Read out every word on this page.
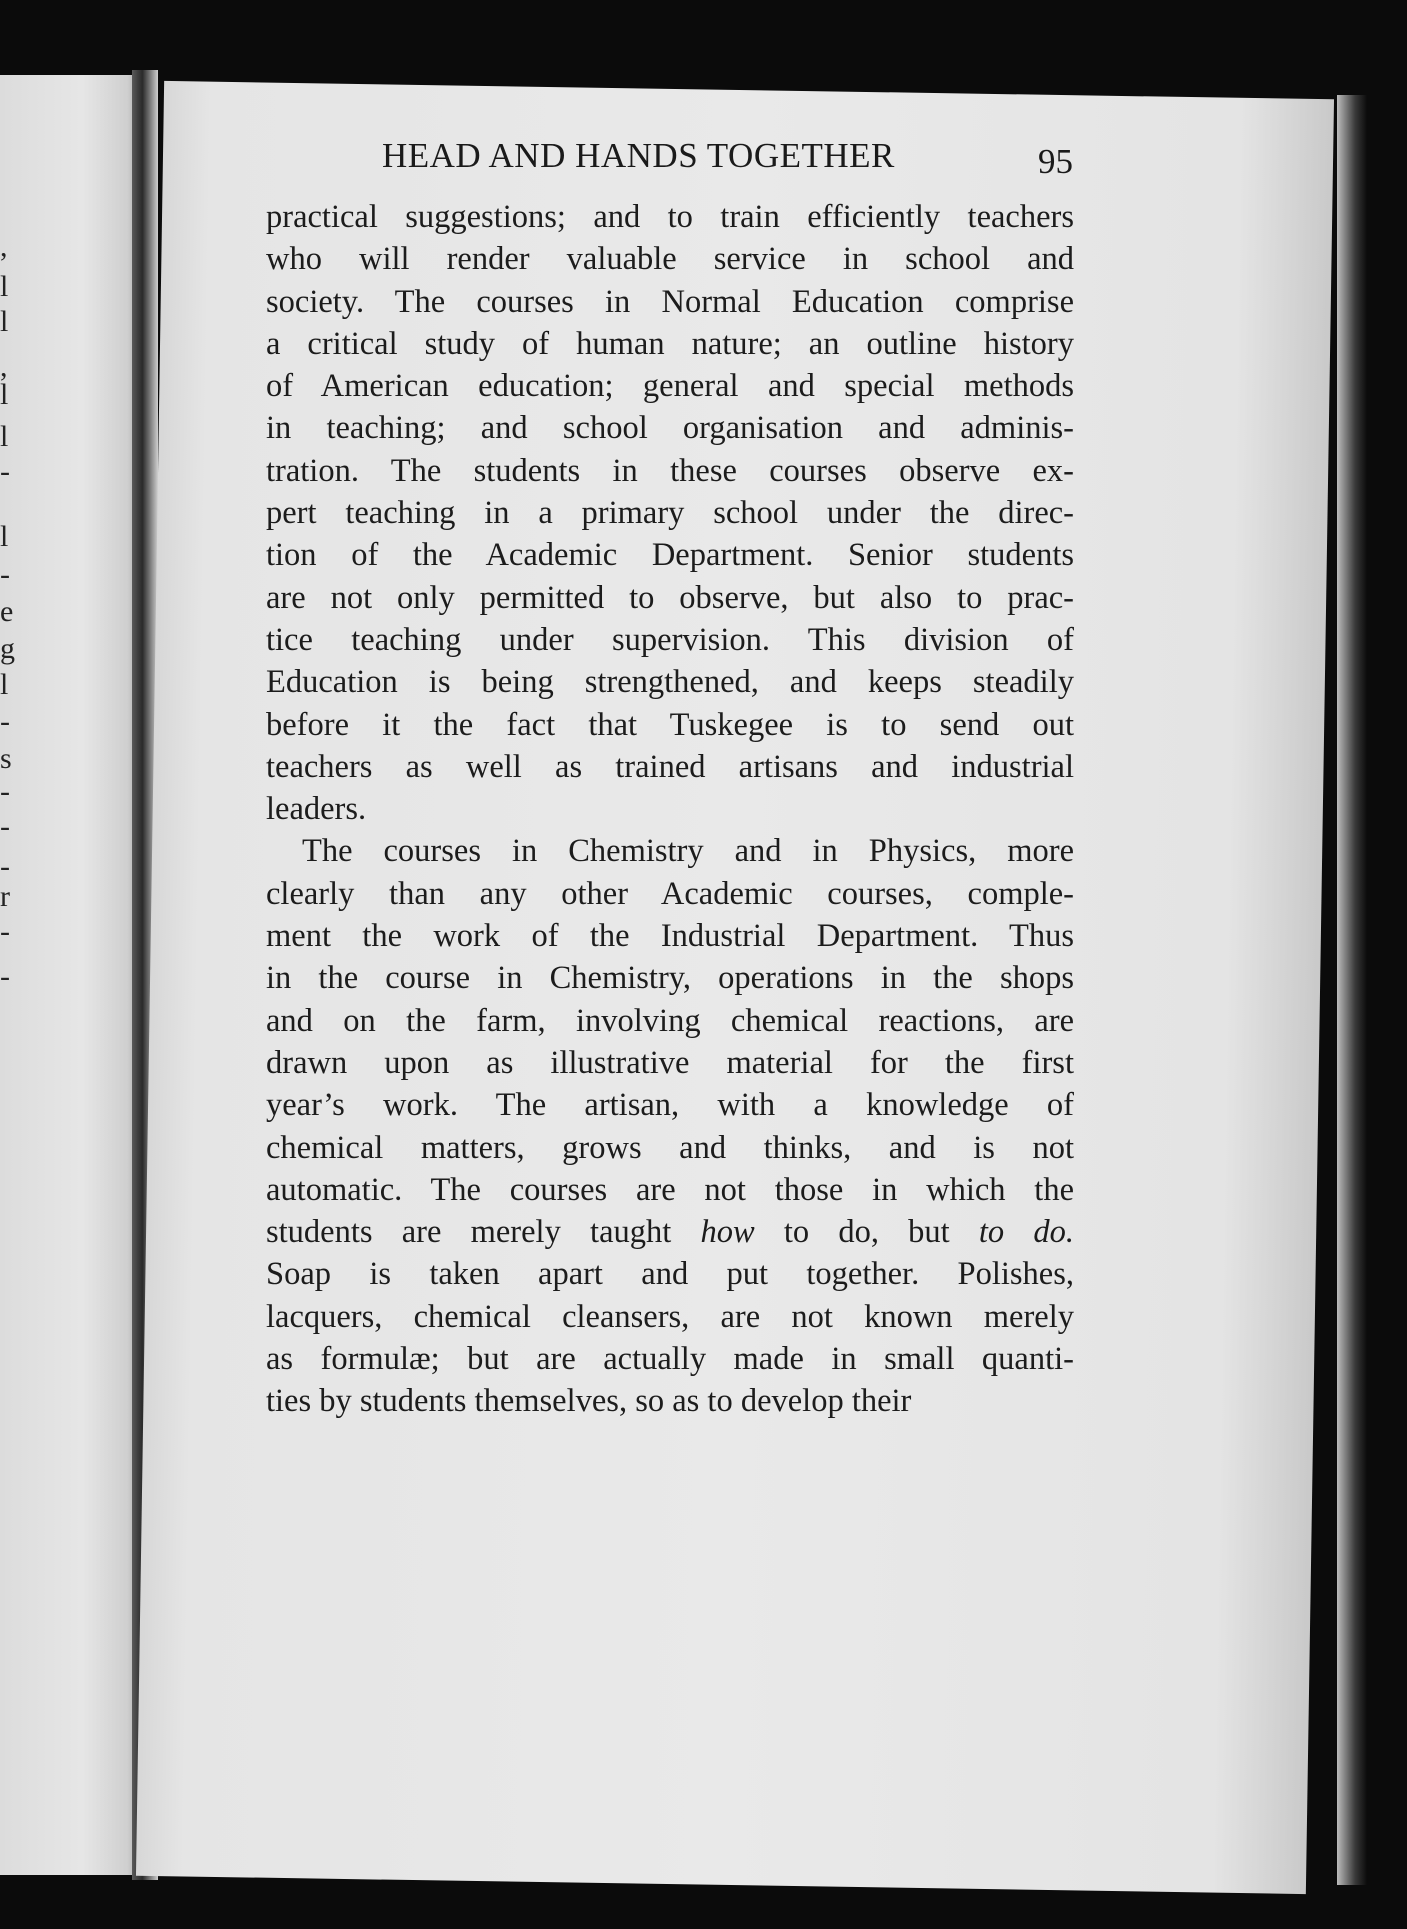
,
l
l
,
l
l
-
l
-
e
g
l
-
s
-
-
-
r
-
-
HEAD AND HANDS TOGETHER	95
practical suggestions; and to train efficiently teachers
who will render valuable service in school and
society. The courses in Normal Education comprise
a critical study of human nature; an outline history
of American education; general and special methods
in teaching; and school organisation and adminis-
tration. The students in these courses observe ex-
pert teaching in a primary school under the direc-
tion of the Academic Department. Senior students
are not only permitted to observe, but also to prac-
tice teaching under supervision. This division of
Education is being strengthened, and keeps steadily
before it the fact that Tuskegee is to send out
teachers as well as trained artisans and industrial
leaders.
The courses in Chemistry and in Physics, more
clearly than any other Academic courses, comple-
ment the work of the Industrial Department. Thus
in the course in Chemistry, operations in the shops
and on the farm, involving chemical reactions, are
drawn upon as illustrative material for the first
year’s work. The artisan, with a knowledge of
chemical matters, grows and thinks, and is not
automatic. The courses are not those in which the
students are merely taught how to do, but to do.
Soap is taken apart and put together. Polishes,
lacquers, chemical cleansers, are not known merely
as formulæ; but are actually made in small quanti-
ties by students themselves, so as to develop their
